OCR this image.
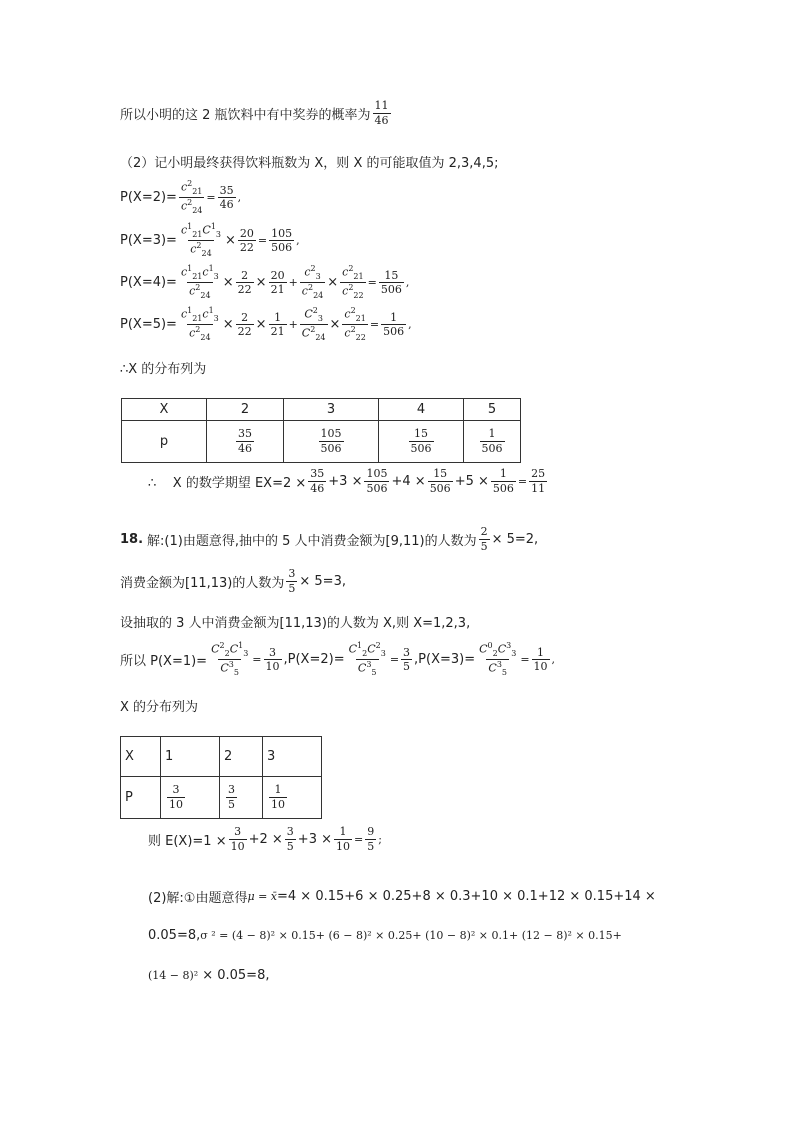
所以小明的这 2 瓶饮料中有中奖券的概率为 $\frac{11}{46}$
（2）记小明最终获得饮料瓶数为 X，则 X 的可能取值为 2,3,4,5;
$P(X=2)= \frac{c^2_{21}}{c^2_{24}} = \frac{35}{46}$ ,
$P(X=3)= \frac{c^1_{21}C^1_3}{c^2_{24}} \times \frac{20}{22} = \frac{105}{506}$ ,
$P(X=4)= \frac{c^1_{21}c^1_3}{c^2_{24}} \times \frac{2}{22} \times \frac{20}{21} + \frac{c^2_3}{c^2_{24}} \times \frac{c^2_{21}}{c^2_{22}} = \frac{15}{506}$ ,
$P(X=5)= \frac{c^1_{21}c^1_3}{c^2_{24}} \times \frac{2}{22} \times \frac{1}{21} + \frac{C^2_3}{C^2_{24}} \times \frac{c^2_{21}}{c^2_{22}} = \frac{1}{506}$ ,
∴X 的分布列为
X	2	3	4	5
p	$\frac{35}{46}$	$\frac{105}{506}$	$\frac{15}{506}$	$\frac{1}{506}$
∴    X 的数学期望 $EX=2 \times \frac{35}{46} +3 \times \frac{105}{506} +4 \times \frac{15}{506} +5 \times \frac{1}{506} = \frac{25}{11}$
18. 解:(1)由题意得,抽中的 5 人中消费金额为[9,11)的人数为 $\frac{2}{5} \times 5=2$,
消费金额为[11,13)的人数为 $\frac{3}{5} \times 5=3$,
设抽取的 3 人中消费金额为[11,13)的人数为 X,则 X=1,2,3,
所以 $P(X=1)= \frac{C^2_2C^1_3}{C^3_5} = \frac{3}{10} ,P(X=2)= \frac{C^1_2C^2_3}{C^3_5} = \frac{3}{5} ,P(X=3)= \frac{C^0_2C^3_3}{C^3_5} = \frac{1}{10}$ ,
X 的分布列为
X	1	2	3
P	$\frac{3}{10}$	$\frac{3}{5}$	$\frac{1}{10}$
则 $E(X)=1 \times \frac{3}{10} +2 \times \frac{3}{5} +3 \times \frac{1}{10} = \frac{9}{5}$ ;
(2)解:①由题意得 μ = x̄ =4 × 0.15+6 × 0.25+8 × 0.3+10 × 0.1+12 × 0.15+14 ×
0.05=8, σ ² = (4 − 8)² × 0.15+ (6 − 8)² × 0.25+ (10 − 8)² × 0.1+ (12 − 8)² × 0.15+
(14 − 8)² × 0.05=8,
